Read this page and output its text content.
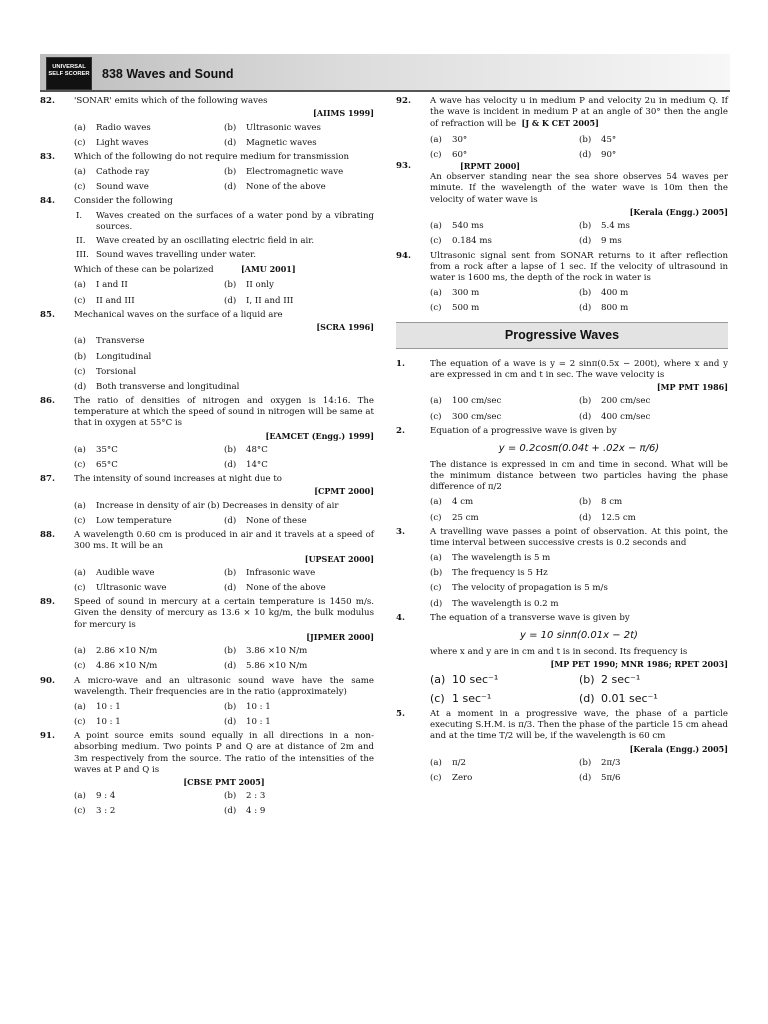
UNIVERSAL
SELF SCORER 838 Waves and Sound
82. 'SONAR' emits which of the following waves
[AIIMS 1999]
(a) Radio waves	(b) Ultrasonic waves
(c) Light waves	(d) Magnetic waves
83. Which of the following do not require medium for transmission
(a) Cathode ray	(b) Electromagnetic wave
(c) Sound wave	(d) None of the above
84. Consider the following
I. Waves created on the surfaces of a water pond by a vibrating sources.
II. Wave created by an oscillating electric field in air.
III. Sound waves travelling under water.
Which of these can be polarized	[AMU 2001]
(a) I and II	(b) II only
(c) II and III	(d) I, II and III
85. Mechanical waves on the surface of a liquid are
[SCRA 1996]
(a) Transverse
(b) Longitudinal
(c) Torsional
(d) Both transverse and longitudinal
86. The ratio of densities of nitrogen and oxygen is 14:16. The temperature at which the speed of sound in nitrogen will be same at that in oxygen at 55°C is
[EAMCET (Engg.) 1999]
(a) 35°C	(b) 48°C
(c) 65°C	(d) 14°C
87. The intensity of sound increases at night due to
[CPMT 2000]
(a) Increase in density of air (b) Decreases in density of air
(c) Low temperature	(d) None of these
88. A wavelength 0.60 cm is produced in air and it travels at a speed of 300 ms. It will be an
[UPSEAT 2000]
(a) Audible wave	(b) Infrasonic wave
(c) Ultrasonic wave	(d) None of the above
89. Speed of sound in mercury at a certain temperature is 1450 m/s. Given the density of mercury as 13.6 × 10 kg/m, the bulk modulus for mercury is
[JIPMER 2000]
(a) 2.86 ×10 N/m	(b) 3.86 ×10 N/m
(c) 4.86 ×10 N/m	(d) 5.86 ×10 N/m
90. A micro-wave and an ultrasonic sound wave have the same wavelength. Their frequencies are in the ratio (approximately)
(a) 10 : 1	(b) 10 : 1
(c) 10 : 1	(d) 10 : 1
91. A point source emits sound equally in all directions in a non-absorbing medium. Two points P and Q are at distance of 2m and 3m respectively from the source. The ratio of the intensities of the waves at P and Q is
[CBSE PMT 2005]
(a) 9 : 4	(b) 2 : 3
(c) 3 : 2	(d) 4 : 9
92. A wave has velocity u in medium P and velocity 2u in medium Q. If the wave is incident in medium P at an angle of 30° then the angle of refraction will be [J & K CET 2005]
(a) 30°	(b) 45°
(c) 60°	(d) 90°
93.	[RPMT 2000]
An observer standing near the sea shore observes 54 waves per minute. If the wavelength of the water wave is 10m then the velocity of water wave is
[Kerala (Engg.) 2005]
(a) 540 ms	(b) 5.4 ms
(c) 0.184 ms	(d) 9 ms
94. Ultrasonic signal sent from SONAR returns to it after reflection from a rock after a lapse of 1 sec. If the velocity of ultrasound in water is 1600 ms, the depth of the rock in water is
(a) 300 m	(b) 400 m
(c) 500 m	(d) 800 m
Progressive Waves
1.	The equation of a wave is y = 2 sinπ(0.5x − 200t), where x and y are expressed in cm and t in sec. The wave velocity is
[MP PMT 1986]
(a) 100 cm/sec	(b) 200 cm/sec
(c) 300 cm/sec	(d) 400 cm/sec
2.	Equation of a progressive wave is given by
y = 0.2cosπ(0.04t + .02x − π/6)
The distance is expressed in cm and time in second. What will be the minimum distance between two particles having the phase difference of π/2
(a) 4 cm	(b) 8 cm
(c) 25 cm	(d) 12.5 cm
3.	A travelling wave passes a point of observation. At this point, the time interval between successive crests is 0.2 seconds and
(a) The wavelength is 5 m
(b) The frequency is 5 Hz
(c) The velocity of propagation is 5 m/s
(d) The wavelength is 0.2 m
4.	The equation of a transverse wave is given by
y = 10 sinπ(0.01x − 2t)
where x and y are in cm and t is in second. Its frequency is
[MP PET 1990; MNR 1986; RPET 2003]
(a) 10 sec⁻¹	(b) 2 sec⁻¹
(c) 1 sec⁻¹	(d) 0.01 sec⁻¹
5.	At a moment in a progressive wave, the phase of a particle executing S.H.M. is π/3. Then the phase of the particle 15 cm ahead and at the time T/2 will be, if the wavelength is 60 cm
[Kerala (Engg.) 2005]
(a) π/2	(b) 2π/3
(c) Zero	(d) 5π/6
